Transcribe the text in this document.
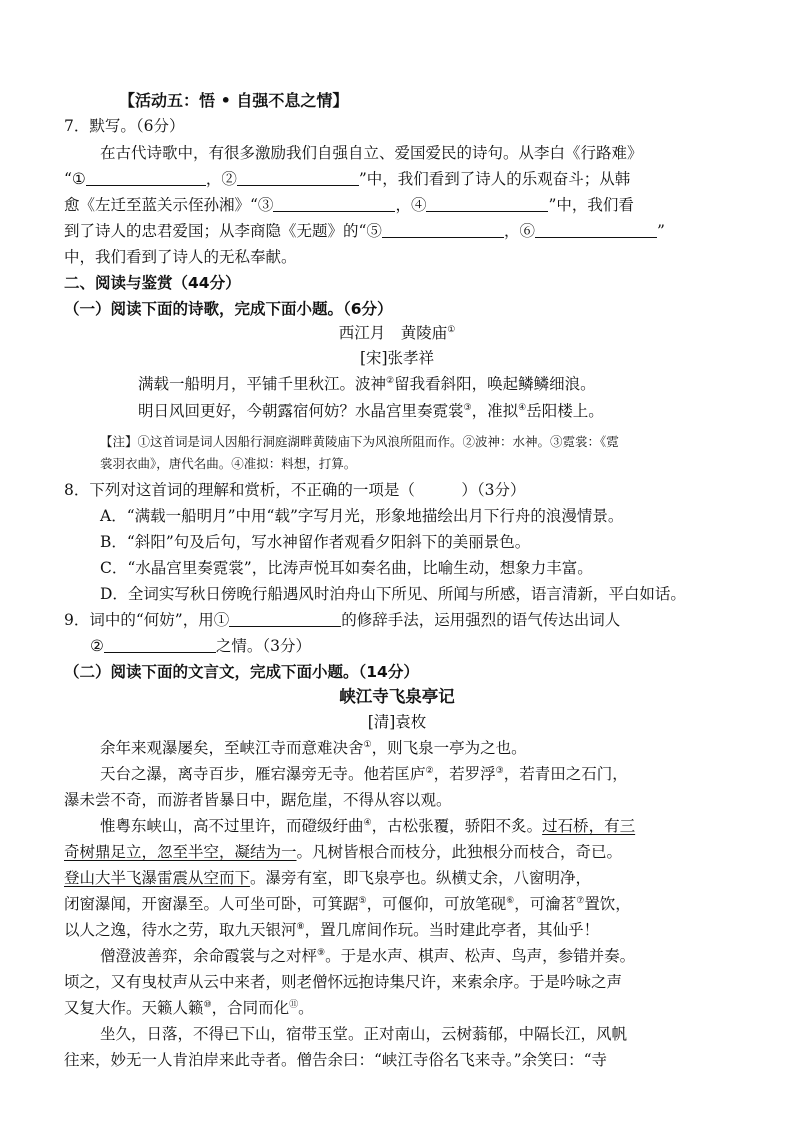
【活动五：悟 • 自强不息之情】
7．默写。（6分）
在古代诗歌中，有很多激励我们自强自立、爱国爱民的诗句。从李白《行路难》
“①	，②	”中，我们看到了诗人的乐观奋斗；从韩
愈《左迁至蓝关示侄孙湘》“③	，④	”中，我们看
到了诗人的忠君爱国；从李商隐《无题》的“⑤	，⑥	”
中，我们看到了诗人的无私奉献。
二、阅读与鉴赏（44分）
（一）阅读下面的诗歌，完成下面小题。（6分）
西江月　黄陵庙①
[宋]张孝祥
满载一船明月，平铺千里秋江。波神②留我看斜阳，唤起鳞鳞细浪。
明日风回更好，今朝露宿何妨？水晶宫里奏霓裳③，准拟④岳阳楼上。
【注】①这首词是词人因船行洞庭湖畔黄陵庙下为风浪所阻而作。②波神：水神。③霓裳：《霓
裳羽衣曲》，唐代名曲。④准拟：料想，打算。
8．下列对这首词的理解和赏析，不正确的一项是（　　　）（3分）
A．“满载一船明月”中用“载”字写月光，形象地描绘出月下行舟的浪漫情景。
B．“斜阳”句及后句，写水神留作者观看夕阳斜下的美丽景色。
C．“水晶宫里奏霓裳”，比涛声悦耳如奏名曲，比喻生动，想象力丰富。
D．全词实写秋日傍晚行船遇风时泊舟山下所见、所闻与所感，语言清新，平白如话。
9．词中的“何妨”，用①	的修辞手法，运用强烈的语气传达出词人
②	之情。（3分）
（二）阅读下面的文言文，完成下面小题。（14分）
峡江寺飞泉亭记
[清]袁枚
余年来观瀑屡矣，至峡江寺而意难决舍①，则飞泉一亭为之也。
天台之瀑，离寺百步，雁宕瀑旁无寺。他若匡庐②，若罗浮③，若青田之石门，
瀑未尝不奇，而游者皆暴日中，踞危崖，不得从容以观。
惟粤东峡山，高不过里许，而磴级纡曲④，古松张覆，骄阳不炙。过石桥，有三
奇树鼎足立，忽至半空，凝结为一。凡树皆根合而枝分，此独根分而枝合，奇已。
登山大半飞瀑雷震从空而下。瀑旁有室，即飞泉亭也。纵横丈余，八窗明净，
闭窗瀑闻，开窗瀑至。人可坐可卧，可箕踞⑤，可偃仰，可放笔砚⑥，可瀹茗⑦置饮，
以人之逸，待水之劳，取九天银河⑧，置几席间作玩。当时建此亭者，其仙乎！
僧澄波善弈，余命霞裳与之对枰⑨。于是水声、棋声、松声、鸟声，参错并奏。
顷之，又有曳杖声从云中来者，则老僧怀远抱诗集尺许，来索余序。于是吟咏之声
又复大作。天籁人籁⑩，合同而化⑪。
坐久，日落，不得已下山，宿带玉堂。正对南山，云树蓊郁，中隔长江，风帆
往来，妙无一人肯泊岸来此寺者。僧告余曰：“峡江寺俗名飞来寺。”余笑曰：“寺
